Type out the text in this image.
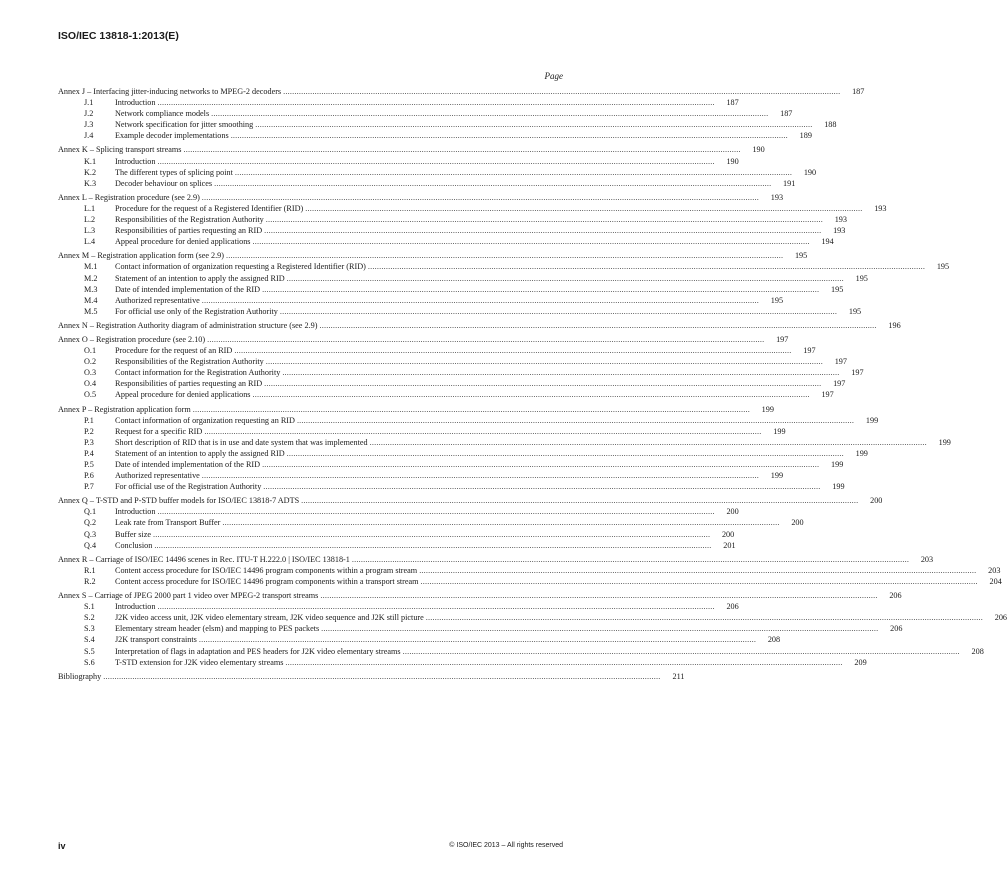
ISO/IEC 13818-1:2013(E)
Page
Annex J – Interfacing jitter-inducing networks to MPEG-2 decoders .....	187
J.1	Introduction .....	187
J.2	Network compliance models .....	187
J.3	Network specification for jitter smoothing .....	188
J.4	Example decoder implementations .....	189
Annex K – Splicing transport streams .....	190
K.1	Introduction .....	190
K.2	The different types of splicing point .....	190
K.3	Decoder behaviour on splices .....	191
Annex L – Registration procedure (see 2.9) .....	193
L.1	Procedure for the request of a Registered Identifier (RID) .....	193
L.2	Responsibilities of the Registration Authority .....	193
L.3	Responsibilities of parties requesting an RID .....	193
L.4	Appeal procedure for denied applications .....	194
Annex M – Registration application form (see 2.9) .....	195
M.1	Contact information of organization requesting a Registered Identifier (RID) .....	195
M.2	Statement of an intention to apply the assigned RID .....	195
M.3	Date of intended implementation of the RID .....	195
M.4	Authorized representative .....	195
M.5	For official use only of the Registration Authority .....	195
Annex N – Registration Authority diagram of administration structure (see 2.9) .....	196
Annex O – Registration procedure (see 2.10) .....	197
O.1	Procedure for the request of an RID .....	197
O.2	Responsibilities of the Registration Authority .....	197
O.3	Contact information for the Registration Authority .....	197
O.4	Responsibilities of parties requesting an RID .....	197
O.5	Appeal procedure for denied applications .....	197
Annex P – Registration application form .....	199
P.1	Contact information of organization requesting an RID .....	199
P.2	Request for a specific RID .....	199
P.3	Short description of RID that is in use and date system that was implemented .....	199
P.4	Statement of an intention to apply the assigned RID .....	199
P.5	Date of intended implementation of the RID .....	199
P.6	Authorized representative .....	199
P.7	For official use of the Registration Authority .....	199
Annex Q – T-STD and P-STD buffer models for ISO/IEC 13818-7 ADTS .....	200
Q.1	Introduction .....	200
Q.2	Leak rate from Transport Buffer .....	200
Q.3	Buffer size .....	200
Q.4	Conclusion .....	201
Annex R – Carriage of ISO/IEC 14496 scenes in Rec. ITU-T H.222.0 | ISO/IEC 13818-1 .....	203
R.1	Content access procedure for ISO/IEC 14496 program components within a program stream .....	203
R.2	Content access procedure for ISO/IEC 14496 program components within a transport stream .....	204
Annex S – Carriage of JPEG 2000 part 1 video over MPEG-2 transport streams .....	206
S.1	Introduction .....	206
S.2	J2K video access unit, J2K video elementary stream, J2K video sequence and J2K still picture .....	206
S.3	Elementary stream header (elsm) and mapping to PES packets .....	206
S.4	J2K transport constraints .....	208
S.5	Interpretation of flags in adaptation and PES headers for J2K video elementary streams .....	208
S.6	T-STD extension for J2K video elementary streams .....	209
Bibliography .....	211
iv	© ISO/IEC 2013 – All rights reserved
